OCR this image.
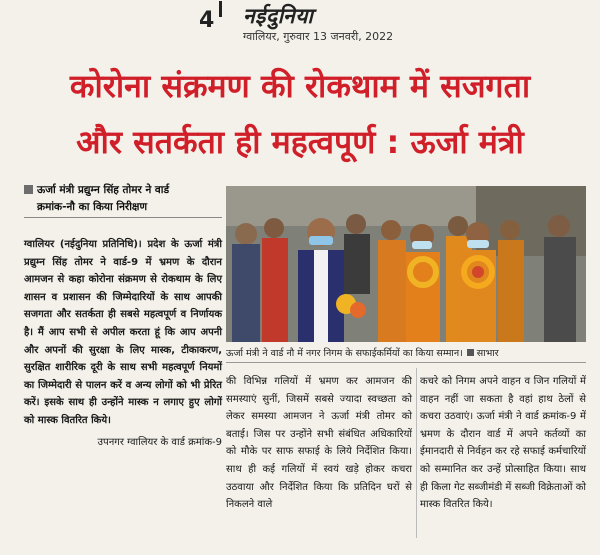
4 नईदुनिया
ग्वालियर, गुरुवार 13 जनवरी, 2022
कोरोना संक्रमण की रोकथाम में सजगता
और सतर्कता ही महत्वपूर्ण : ऊर्जा मंत्री
ऊर्जा मंत्री प्रद्युम्न सिंह तोमर ने वार्ड
क्रमांक-नौ का किया निरीक्षण

ग्वालियर (नईदुनिया प्रतिनिधि)। प्रदेश के ऊर्जा मंत्री प्रद्युम्न सिंह तोमर ने वार्ड-9 में भ्रमण के दौरान आमजन से कहा कोरोना संक्रमण से रोकथाम के लिए शासन व प्रशासन की जिम्मेदारियों के साथ आपकी सजगता और सतर्कता ही सबसे महत्वपूर्ण व निर्णायक है। मैं आप सभी से अपील करता हूं कि आप अपनी और अपनों की सुरक्षा के लिए मास्क, टीकाकरण, सुरक्षित शारीरिक दूरी के साथ सभी महत्वपूर्ण नियमों का जिम्मेदारी से पालन करें व अन्य लोगों को भी प्रेरित करें। इसके साथ ही उन्होंने मास्क न लगाए हुए लोगों को मास्क वितरित किये।

उपनगर ग्वालियर के वार्ड क्रमांक-9

ऊर्जा मंत्री ने वार्ड नौ में नगर निगम के सफाईकर्मियों का किया सम्मान। साभार

की विभिन्न गलियों में भ्रमण कर आमजन की समस्याएं सुनीं, जिसमें सबसे ज्यादा स्वच्छता को लेकर समस्या आमजन ने ऊर्जा मंत्री तोमर को बताई। जिस पर उन्होंने सभी संबंधित अधिकारियों को मौके पर साफ सफाई के लिये निर्देशित किया। साथ ही कई गलियों में स्वयं खड़े होकर कचरा उठवाया और निर्देशित किया कि प्रतिदिन घरों से निकलने वाले

कचरे को निगम अपने वाहन व जिन गलियों में वाहन नहीं जा सकता है वहां हाथ ठेलों से कचरा उठवाएं। ऊर्जा मंत्री ने वार्ड क्रमांक-9 में भ्रमण के दौरान वार्ड में अपने कर्तव्यों का ईमानदारी से निर्वहन कर रहे सफाई कर्मचारियों को सम्मानित कर उन्हें प्रोत्साहित किया। साथ ही किला गेट सब्जीमंडी में सब्जी विक्रेताओं को मास्क वितरित किये।
